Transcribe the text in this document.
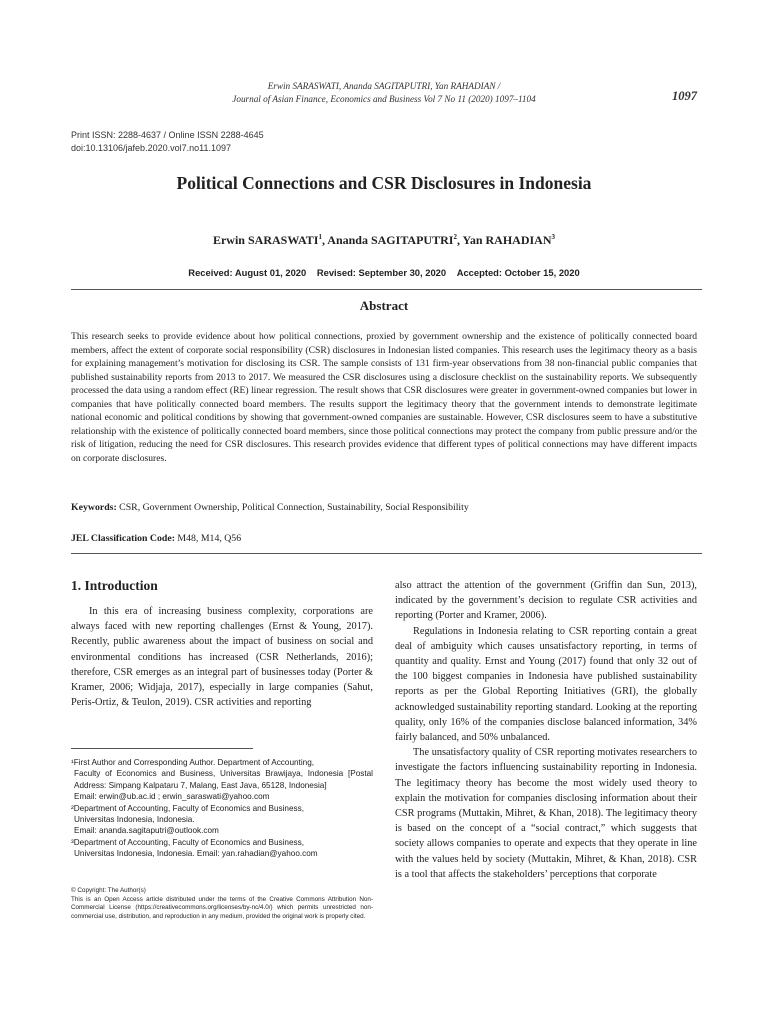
Erwin SARASWATI, Ananda SAGITAPUTRI, Yan RAHADIAN /
Journal of Asian Finance, Economics and Business Vol 7 No 11 (2020) 1097–1104	1097
Print ISSN: 2288-4637 / Online ISSN 2288-4645
doi:10.13106/jafeb.2020.vol7.no11.1097
Political Connections and CSR Disclosures in Indonesia
Erwin SARASWATI$^1$, Ananda SAGITAPUTRI$^2$, Yan RAHADIAN$^3$
Received: August 01, 2020 Revised: September 30, 2020 Accepted: October 15, 2020
Abstract

This research seeks to provide evidence about how political connections, proxied by government ownership and the existence of politically connected board members, affect the extent of corporate social responsibility (CSR) disclosures in Indonesian listed companies. This research uses the legitimacy theory as a basis for explaining management’s motivation for disclosing its CSR. The sample consists of 131 firm-year observations from 38 non-financial public companies that published sustainability reports from 2013 to 2017. We measured the CSR disclosures using a disclosure checklist on the sustainability reports. We subsequently processed the data using a random effect (RE) linear regression. The result shows that CSR disclosures were greater in government-owned companies but lower in companies that have politically connected board members. The results support the legitimacy theory that the government intends to demonstrate legitimate national economic and political conditions by showing that government-owned companies are sustainable. However, CSR disclosures seem to have a substitutive relationship with the existence of politically connected board members, since those political connections may protect the company from public pressure and/or the risk of litigation, reducing the need for CSR disclosures. This research provides evidence that different types of political connections may have different impacts on corporate disclosures.

Keywords: CSR, Government Ownership, Political Connection, Sustainability, Social Responsibility
JEL Classification Code: M48, M14, Q56
1. Introduction

In this era of increasing business complexity, corporations are always faced with new reporting challenges (Ernst & Young, 2017). Recently, public awareness about the impact of business on social and environmental conditions has increased (CSR Netherlands, 2016); therefore, CSR emerges as an integral part of businesses today (Porter & Kramer, 2006; Widjaja, 2017), especially in large companies (Sahut, Peris-Ortiz, & Teulon, 2019). CSR activities and reporting

also attract the attention of the government (Griffin dan Sun, 2013), indicated by the government’s decision to regulate CSR activities and reporting (Porter and Kramer, 2006).

Regulations in Indonesia relating to CSR reporting contain a great deal of ambiguity which causes unsatisfactory reporting, in terms of quantity and quality. Ernst and Young (2017) found that only 32 out of the 100 biggest companies in Indonesia have published sustainability reports as per the Global Reporting Initiatives (GRI), the globally acknowledged sustainability reporting standard. Looking at the reporting quality, only 16% of the companies disclose balanced information, 34% fairly balanced, and 50% unbalanced.

The unsatisfactory quality of CSR reporting motivates researchers to investigate the factors influencing sustainability reporting in Indonesia. The legitimacy theory has become the most widely used theory to explain the motivation for companies disclosing information about their CSR programs (Muttakin, Mihret, & Khan, 2018). The legitimacy theory is based on the concept of a “social contract,” which suggests that society allows companies to operate and expects that they operate in line with the values held by society (Muttakin, Mihret, & Khan, 2018). CSR is a tool that affects the stakeholders’ perceptions that corporate

¹First Author and Corresponding Author. Department of Accounting,
Faculty of Economics and Business, Universitas Brawijaya, Indonesia [Postal Address: Simpang Kalpataru 7, Malang, East Java, 65128, Indonesia]
Email: erwin@ub.ac.id ; erwin_saraswati@yahoo.com

²Department of Accounting, Faculty of Economics and Business,
Universitas Indonesia, Indonesia.
Email: ananda.sagitaputri@outlook.com

³Department of Accounting, Faculty of Economics and Business,
Universitas Indonesia, Indonesia. Email: yan.rahadian@yahoo.com

© Copyright: The Author(s)

This is an Open Access article distributed under the terms of the Creative Commons Attribution Non-Commercial License (https://creativecommons.org/licenses/by-nc/4.0/) which permits unrestricted non-commercial use, distribution, and reproduction in any medium, provided the original work is properly cited.
